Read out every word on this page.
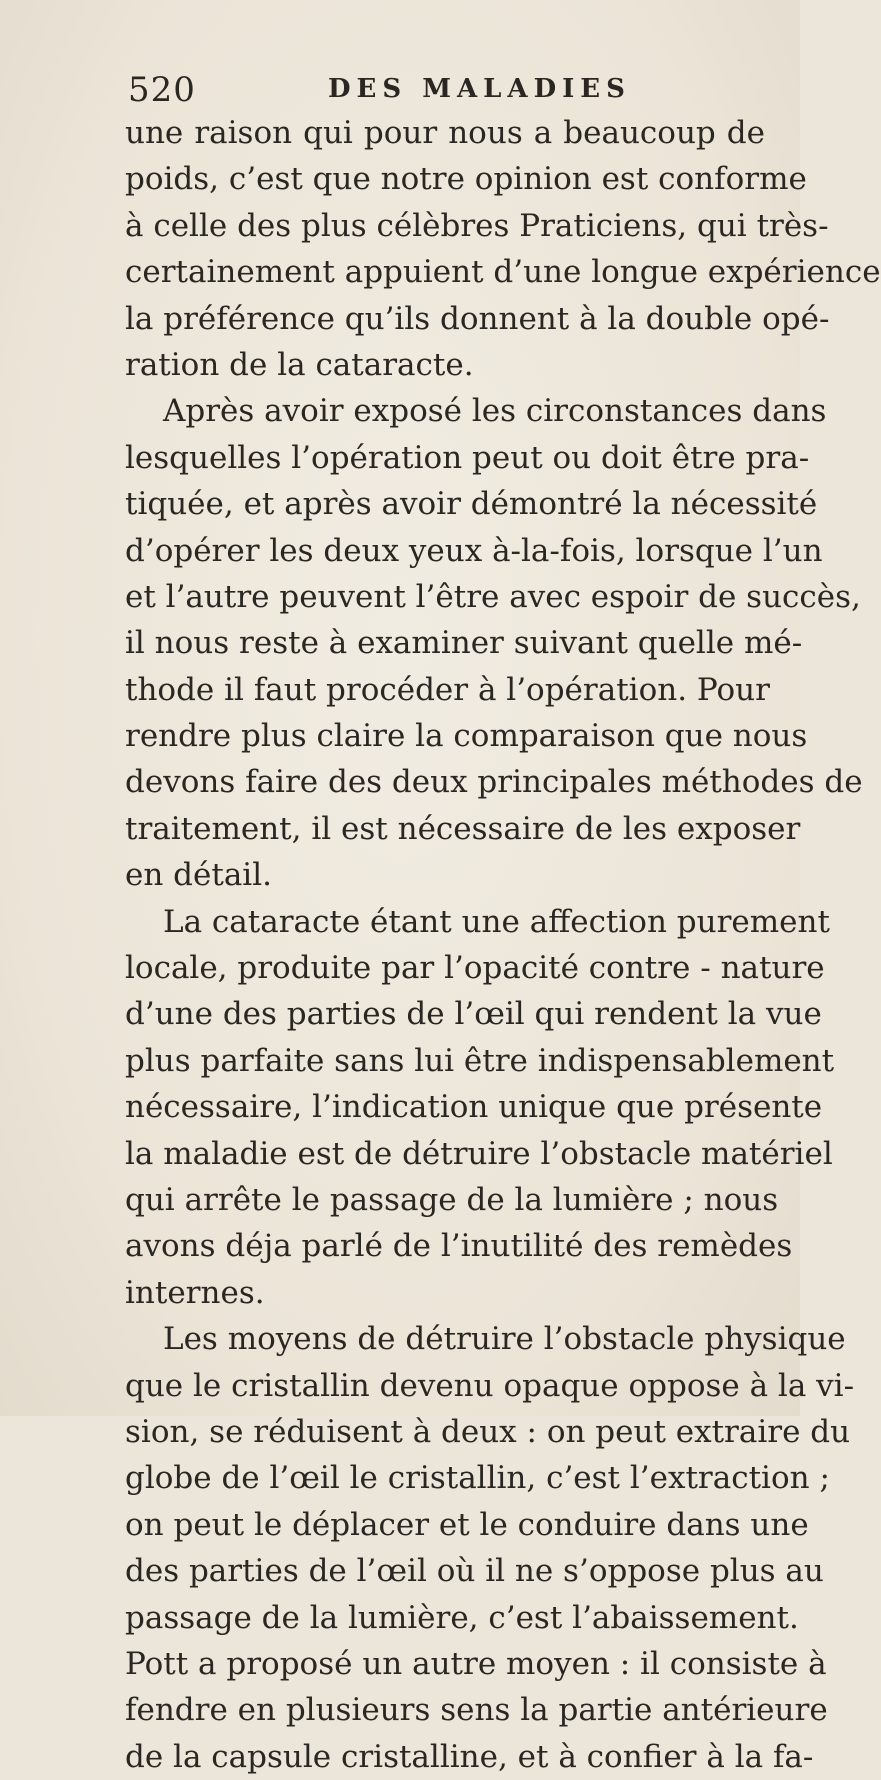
520	DES MALADIES
une raison qui pour nous a beaucoup de
poids, c’est que notre opinion est conforme
à celle des plus célèbres Praticiens, qui très-
certainement appuient d’une longue expérience
la préférence qu’ils donnent à la double opé-
ration de la cataracte.
Après avoir exposé les circonstances dans
lesquelles l’opération peut ou doit être pra-
tiquée, et après avoir démontré la nécessité
d’opérer les deux yeux à-la-fois, lorsque l’un
et l’autre peuvent l’être avec espoir de succès,
il nous reste à examiner suivant quelle mé-
thode il faut procéder à l’opération. Pour
rendre plus claire la comparaison que nous
devons faire des deux principales méthodes de
traitement, il est nécessaire de les exposer
en détail.
La cataracte étant une affection purement
locale, produite par l’opacité contre - nature
d’une des parties de l’œil qui rendent la vue
plus parfaite sans lui être indispensablement
nécessaire, l’indication unique que présente
la maladie est de détruire l’obstacle matériel
qui arrête le passage de la lumière ; nous
avons déja parlé de l’inutilité des remèdes
internes.
Les moyens de détruire l’obstacle physique
que le cristallin devenu opaque oppose à la vi-
sion, se réduisent à deux : on peut extraire du
globe de l’œil le cristallin, c’est l’extraction ;
on peut le déplacer et le conduire dans une
des parties de l’œil où il ne s’oppose plus au
passage de la lumière, c’est l’abaissement.
Pott a proposé un autre moyen : il consiste à
fendre en plusieurs sens la partie antérieure
de la capsule cristalline, et à confier à la fa-
